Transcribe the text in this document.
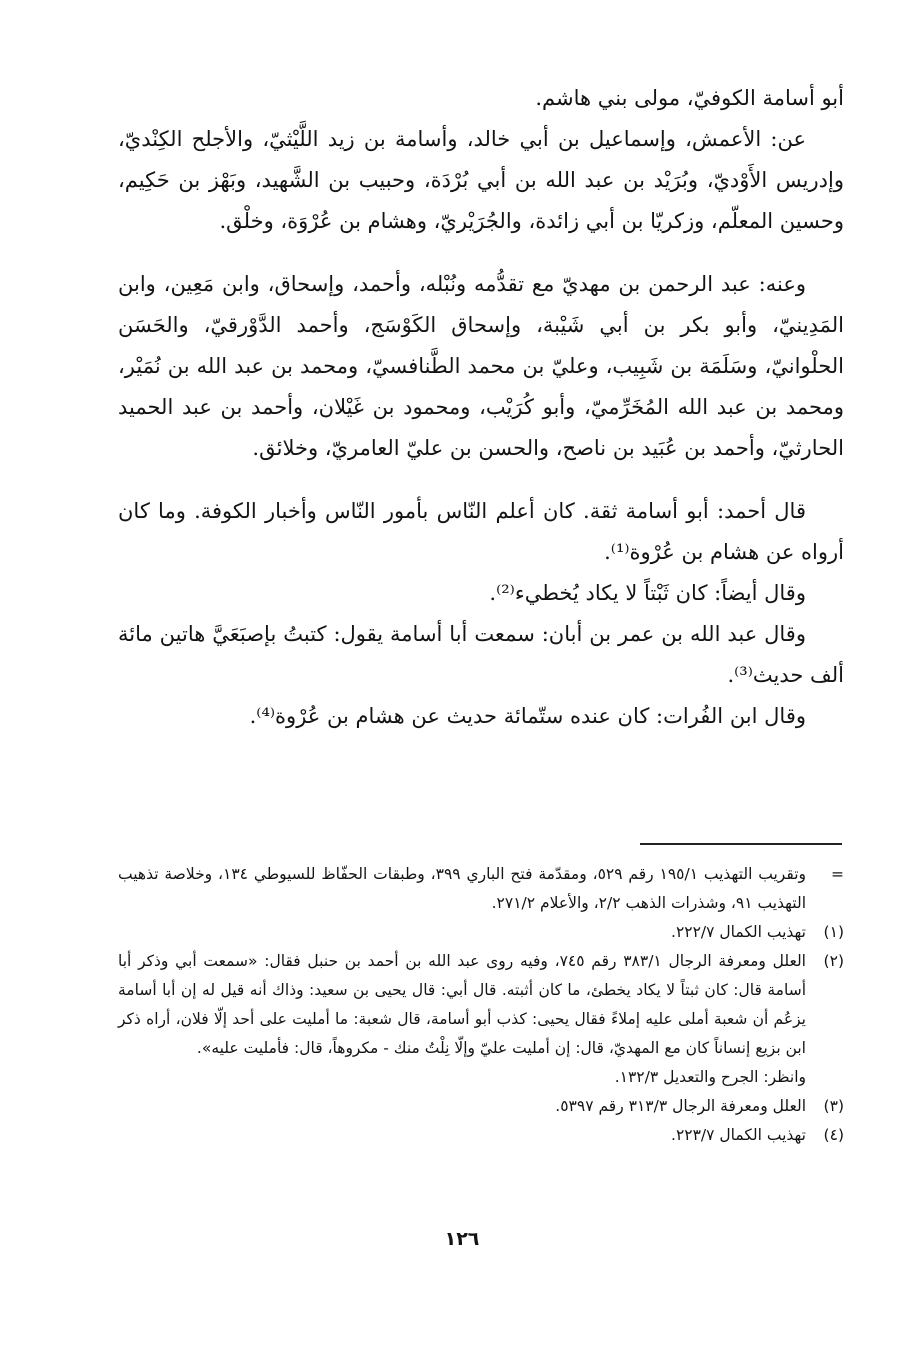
أبو أسامة الكوفيّ، مولى بني هاشم.

عن: الأعمش، وإسماعيل بن أبي خالد، وأسامة بن زيد اللَّيْثيّ، والأجلح الكِنْديّ، وإدريس الأَوْديّ، وبُرَيْد بن عبد الله بن أبي بُرْدَة، وحبيب بن الشَّهيد، وبَهْز بن حَكِيم، وحسين المعلّم، وزكريّا بن أبي زائدة، والجُرَيْريّ، وهشام بن عُرْوَة، وخلْق.

وعنه: عبد الرحمن بن مهديّ مع تقدُّمه ونُبْله، وأحمد، وإسحاق، وابن مَعِين، وابن المَدِينيّ، وأبو بكر بن أبي شَيْبة، وإسحاق الكَوْسَج، وأحمد الدَّوْرقيّ، والحَسَن الحلْوانيّ، وسَلَمَة بن شَبِيب، وعليّ بن محمد الطَّنافسيّ، ومحمد بن عبد الله بن نُمَيْر، ومحمد بن عبد الله المُخَرِّميّ، وأبو كُرَيْب، ومحمود بن غَيْلان، وأحمد بن عبد الحميد الحارثيّ، وأحمد بن عُبَيد بن ناصح، والحسن بن عليّ العامريّ، وخلائق.

قال أحمد: أبو أسامة ثقة. كان أعلم النّاس بأمور النّاس وأخبار الكوفة. وما كان أرواه عن هشام بن عُرْوة⁽¹⁾.

وقال أيضاً: كان ثَبْتاً لا يكاد يُخطيء⁽²⁾.

وقال عبد الله بن عمر بن أبان: سمعت أبا أسامة يقول: كتبتُ بإصبَعَيَّ هاتين مائة ألف حديث⁽³⁾.

وقال ابن الفُرات: كان عنده ستّمائة حديث عن هشام بن عُرْوة⁽⁴⁾.

=
وتقريب التهذيب ١٩٥/١ رقم ٥٢٩، ومقدّمة فتح الباري ٣٩٩، وطبقات الحفّاظ للسيوطي ١٣٤، وخلاصة تذهيب التهذيب ٩١، وشذرات الذهب ٢/٢، والأعلام ٢٧١/٢.
(١)
تهذيب الكمال ٢٢٢/٧.
(٢)
العلل ومعرفة الرجال ٣٨٣/١ رقم ٧٤٥، وفيه روى عبد الله بن أحمد بن حنبل فقال: «سمعت أبي وذكر أبا أسامة قال: كان ثبتاً لا يكاد يخطئ، ما كان أثبته. قال أبي: قال يحيى بن سعيد: وذاك أنه قيل له إن أبا أسامة يزعُم أن شعبة أملى عليه إملاءً فقال يحيى: كذب أبو أسامة، قال شعبة: ما أمليت على أحد إلّا فلان، أراه ذكر ابن بزيع إنساناً كان مع المهديّ، قال: إن أمليت عليّ وإلّا نِلْتُ منك - مكروهاً، قال: فأمليت عليه».
وانظر: الجرح والتعديل ١٣٢/٣.
(٣)
العلل ومعرفة الرجال ٣١٣/٣ رقم ٥٣٩٧.
(٤)
تهذيب الكمال ٢٢٣/٧.
١٢٦
